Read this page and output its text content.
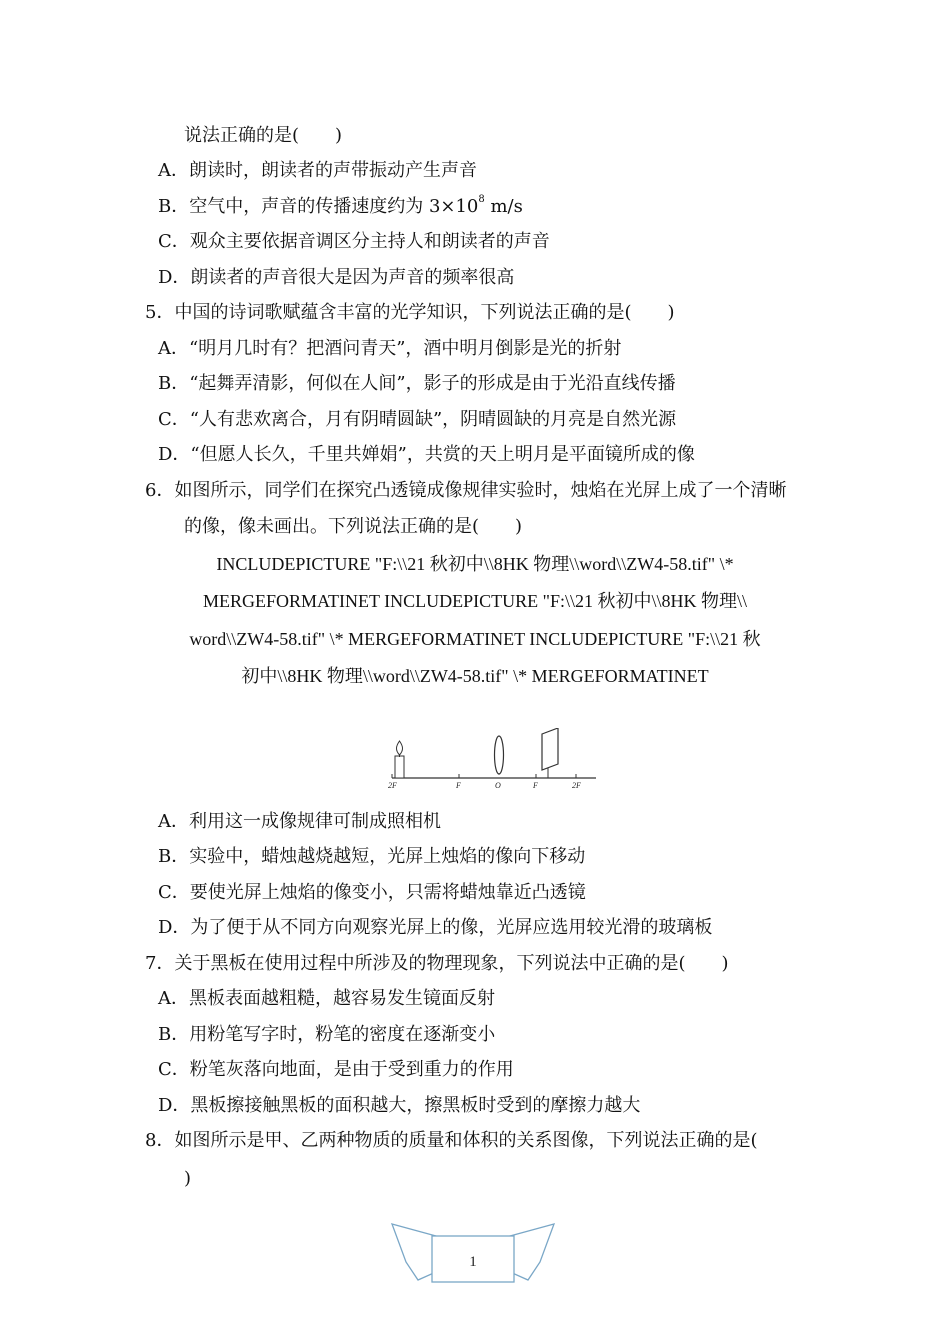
说法正确的是(　　)
A．朗读时，朗读者的声带振动产生声音
B．空气中，声音的传播速度约为 $3\times 10^8$ m/s
C．观众主要依据音调区分主持人和朗读者的声音
D．朗读者的声音很大是因为声音的频率很高
5．中国的诗词歌赋蕴含丰富的光学知识，下列说法正确的是(　　)
A．“明月几时有？把酒问青天”，酒中明月倒影是光的折射
B．“起舞弄清影，何似在人间”，影子的形成是由于光沿直线传播
C．“人有悲欢离合，月有阴晴圆缺”，阴晴圆缺的月亮是自然光源
D．“但愿人长久，千里共婵娟”，共赏的天上明月是平面镜所成的像
6．如图所示，同学们在探究凸透镜成像规律实验时，烛焰在光屏上成了一个清晰
的像，像未画出。下列说法正确的是(　　)
INCLUDEPICTURE "F:\\21 秋初中\\8HK 物理\\word\\ZW4-58.tif" \*
MERGEFORMATINET INCLUDEPICTURE "F:\\21 秋初中\\8HK 物理\\
word\\ZW4-58.tif" \* MERGEFORMATINET INCLUDEPICTURE "F:\\21 秋
初中\\8HK 物理\\word\\ZW4-58.tif" \* MERGEFORMATINET
2F	F	O	F	2F
A．利用这一成像规律可制成照相机
B．实验中，蜡烛越烧越短，光屏上烛焰的像向下移动
C．要使光屏上烛焰的像变小，只需将蜡烛靠近凸透镜
D．为了便于从不同方向观察光屏上的像，光屏应选用较光滑的玻璃板
7．关于黑板在使用过程中所涉及的物理现象，下列说法中正确的是(　　)
A．黑板表面越粗糙，越容易发生镜面反射
B．用粉笔写字时，粉笔的密度在逐渐变小
C．粉笔灰落向地面，是由于受到重力的作用
D．黑板擦接触黑板的面积越大，擦黑板时受到的摩擦力越大
8．如图所示是甲、乙两种物质的质量和体积的关系图像，下列说法正确的是(
)
1
